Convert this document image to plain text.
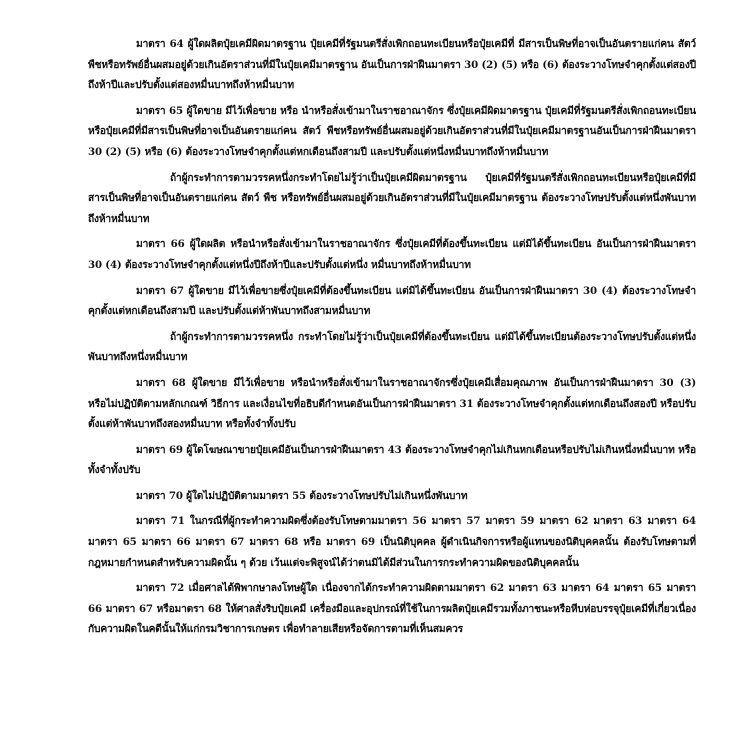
มาตรา 64 ผู้ใดผลิตปุ๋ยเคมีผิดมาตรฐาน ปุ๋ยเคมีที่รัฐมนตรีสั่งเพิกถอนทะเบียนหรือปุ๋ยเคมีที่ มีสารเป็นพิษที่อาจเป็นอันตรายแก่คน สัตว์ พืชหรือทรัพย์อื่นผสมอยู่ด้วยเกินอัตราส่วนที่มีในปุ๋ยเคมีมาตรฐาน อันเป็นการฝ่าฝืนมาตรา 30 (2) (5) หรือ (6) ต้องระวางโทษจำคุกตั้งแต่สองปีถึงห้าปีและปรับตั้งแต่สองหมื่นบาทถึงห้าหมื่นบาท

มาตรา 65 ผู้ใดขาย มีไว้เพื่อขาย หรือ นำหรือสั่งเข้ามาในราชอาณาจักร ซึ่งปุ๋ยเคมีผิดมาตรฐาน ปุ๋ยเคมีที่รัฐมนตรีสั่งเพิกถอนทะเบียน หรือปุ๋ยเคมีที่มีสารเป็นพิษที่อาจเป็นอันตรายแก่คน สัตว์ พืชหรือทรัพย์อื่นผสมอยู่ด้วยเกินอัตราส่วนที่มีในปุ๋ยเคมีมาตรฐานอันเป็นการฝ่าฝืนมาตรา 30 (2) (5) หรือ (6) ต้องระวางโทษจำคุกตั้งแต่หกเดือนถึงสามปี และปรับตั้งแต่หนึ่งหมื่นบาทถึงห้าหมื่นบาท

ถ้าผู้กระทำการตามวรรคหนึ่งกระทำโดยไม่รู้ว่าเป็นปุ๋ยเคมีผิดมาตรฐาน ปุ๋ยเคมีที่รัฐมนตรีสั่งเพิกถอนทะเบียนหรือปุ๋ยเคมีที่มีสารเป็นพิษที่อาจเป็นอันตรายแก่คน สัตว์ พืช หรือทรัพย์อื่นผสมอยู่ด้วยเกินอัตราส่วนที่มีในปุ๋ยเคมีมาตรฐาน ต้องระวางโทษปรับตั้งแต่หนึ่งพันบาทถึงห้าหมื่นบาท

มาตรา 66 ผู้ใดผลิต หรือนำหรือสั่งเข้ามาในราชอาณาจักร ซึ่งปุ๋ยเคมีที่ต้องขึ้นทะเบียน แต่มิได้ขึ้นทะเบียน อันเป็นการฝ่าฝืนมาตรา 30 (4) ต้องระวางโทษจำคุกตั้งแต่หนึ่งปีถึงห้าปีและปรับตั้งแต่หนึ่ง หมื่นบาทถึงห้าหมื่นบาท

มาตรา 67 ผู้ใดขาย มีไว้เพื่อขายซึ่งปุ๋ยเคมีที่ต้องขึ้นทะเบียน แต่มิได้ขึ้นทะเบียน อันเป็นการฝ่าฝืนมาตรา 30 (4) ต้องระวางโทษจำคุกตั้งแต่หกเดือนถึงสามปี และปรับตั้งแต่ห้าพันบาทถึงสามหมื่นบาท

ถ้าผู้กระทำการตามวรรคหนึ่ง กระทำโดยไม่รู้ว่าเป็นปุ๋ยเคมีที่ต้องขึ้นทะเบียน แต่มิได้ขึ้นทะเบียนต้องระวางโทษปรับตั้งแต่หนึ่งพันบาทถึงหนึ่งหมื่นบาท

มาตรา 68 ผู้ใดขาย มีไว้เพื่อขาย หรือนำหรือสั่งเข้ามาในราชอาณาจักรซึ่งปุ๋ยเคมีเสื่อมคุณภาพ อันเป็นการฝ่าฝืนมาตรา 30 (3) หรือไม่ปฏิบัติตามหลักเกณฑ์ วิธีการ และเงื่อนไขที่อธิบดีกำหนดอันเป็นการฝ่าฝืนมาตรา 31 ต้องระวางโทษจำคุกตั้งแต่หกเดือนถึงสองปี หรือปรับตั้งแต่ห้าพันบาทถึงสองหมื่นบาท หรือทั้งจำทั้งปรับ

มาตรา 69 ผู้ใดโฆษณาขายปุ๋ยเคมีอันเป็นการฝ่าฝืนมาตรา 43 ต้องระวางโทษจำคุกไม่เกินหกเดือนหรือปรับไม่เกินหนึ่งหมื่นบาท หรือทั้งจำทั้งปรับ

มาตรา 70 ผู้ใดไม่ปฏิบัติตามมาตรา 55 ต้องระวางโทษปรับไม่เกินหนึ่งพันบาท

มาตรา 71 ในกรณีที่ผู้กระทำความผิดซึ่งต้องรับโทษตามมาตรา 56 มาตรา 57 มาตรา 59 มาตรา 62 มาตรา 63 มาตรา 64 มาตรา 65 มาตรา 66 มาตรา 67 มาตรา 68 หรือ มาตรา 69 เป็นนิติบุคคล ผู้ดำเนินกิจการหรือผู้แทนของนิติบุคคลนั้น ต้องรับโทษตามที่กฎหมายกำหนดสำหรับความผิดนั้น ๆ ด้วย เว้นแต่จะพิสูจน์ได้ว่าตนมิได้มีส่วนในการกระทำความผิดของนิติบุคคลนั้น

มาตรา 72 เมื่อศาลได้พิพากษาลงโทษผู้ใด เนื่องจากได้กระทำความผิดตามมาตรา 62 มาตรา 63 มาตรา 64 มาตรา 65 มาตรา 66 มาตรา 67 หรือมาตรา 68 ให้ศาลสั่งริบปุ๋ยเคมี เครื่องมือและอุปกรณ์ที่ใช้ในการผลิตปุ๋ยเคมีรวมทั้งภาชนะหรือหีบห่อบรรจุปุ๋ยเคมีที่เกี่ยวเนื่องกับความผิดในคดีนั้นให้แก่กรมวิชาการเกษตร เพื่อทำลายเสียหรือจัดการตามที่เห็นสมควร
